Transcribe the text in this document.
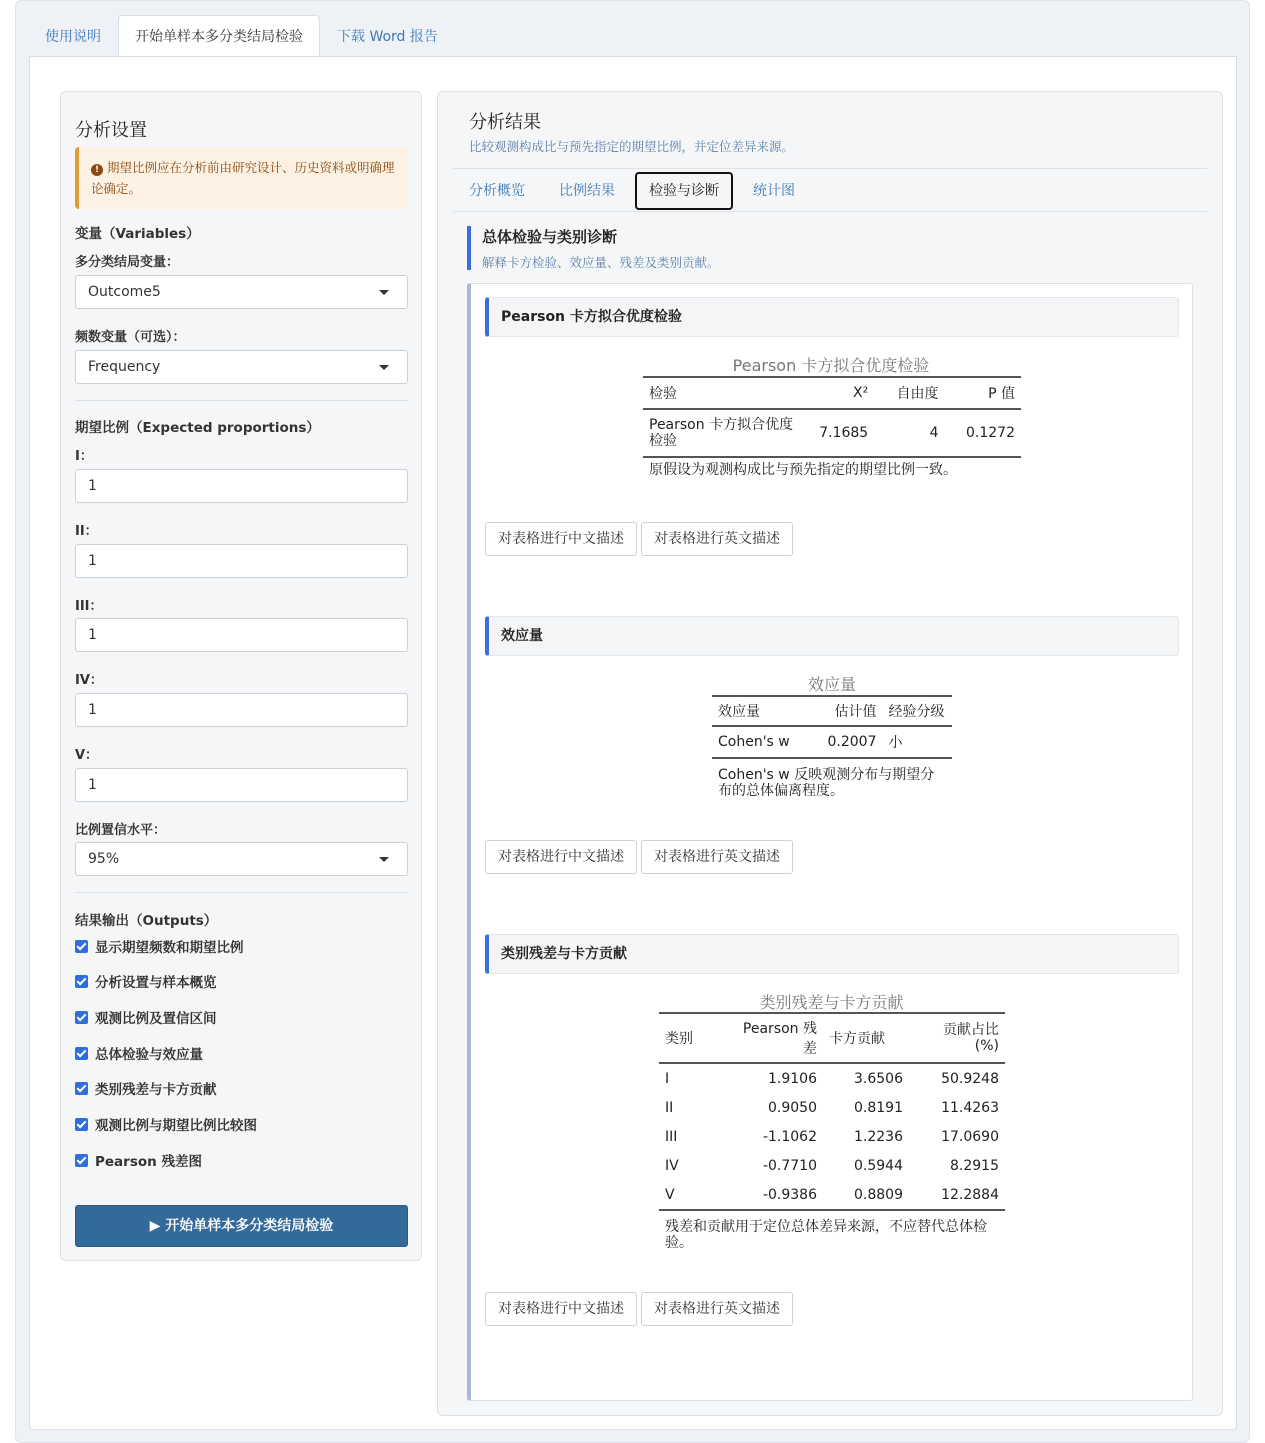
使用说明	开始单样本多分类结局检验	下载 Word 报告
分析设置
! 期望比例应在分析前由研究设计、历史资料或明确理论确定。
变量（Variables）
多分类结局变量：
Outcome5
频数变量（可选）：
Frequency
期望比例（Expected proportions）
I：
1
II：
1
III：
1
IV：
1
V：
1
比例置信水平：
95%
结果输出（Outputs）
显示期望频数和期望比例
分析设置与样本概览
观测比例及置信区间
总体检验与效应量
类别残差与卡方贡献
观测比例与期望比例比较图
Pearson 残差图
▶ 开始单样本多分类结局检验
分析结果
比较观测构成比与预先指定的期望比例，并定位差异来源。
分析概览 比例结果	检验与诊断	统计图
总体检验与类别诊断
解释卡方检验、效应量、残差及类别贡献。
Pearson 卡方拟合优度检验
Pearson 卡方拟合优度检验
检验	X²	自由度	P 值
Pearson 卡方拟合优度检验	7.1685	4	0.1272
原假设为观测构成比与预先指定的期望比例一致。			
对表格进行中文描述	对表格进行英文描述
效应量
效应量
效应量	估计值	经验分级
Cohen's w	0.2007	小
Cohen's w 反映观测分布与期望分布的总体偏离程度。		
对表格进行中文描述	对表格进行英文描述
类别残差与卡方贡献
类别残差与卡方贡献
类别	Pearson 残差	卡方贡献	贡献占比 (%)
I	1.9106	3.6506	50.9248
II	0.9050	0.8191	11.4263
III	-1.1062	1.2236	17.0690
IV	-0.7710	0.5944	8.2915
V	-0.9386	0.8809	12.2884
残差和贡献用于定位总体差异来源，不应替代总体检验。			
对表格进行中文描述	对表格进行英文描述
